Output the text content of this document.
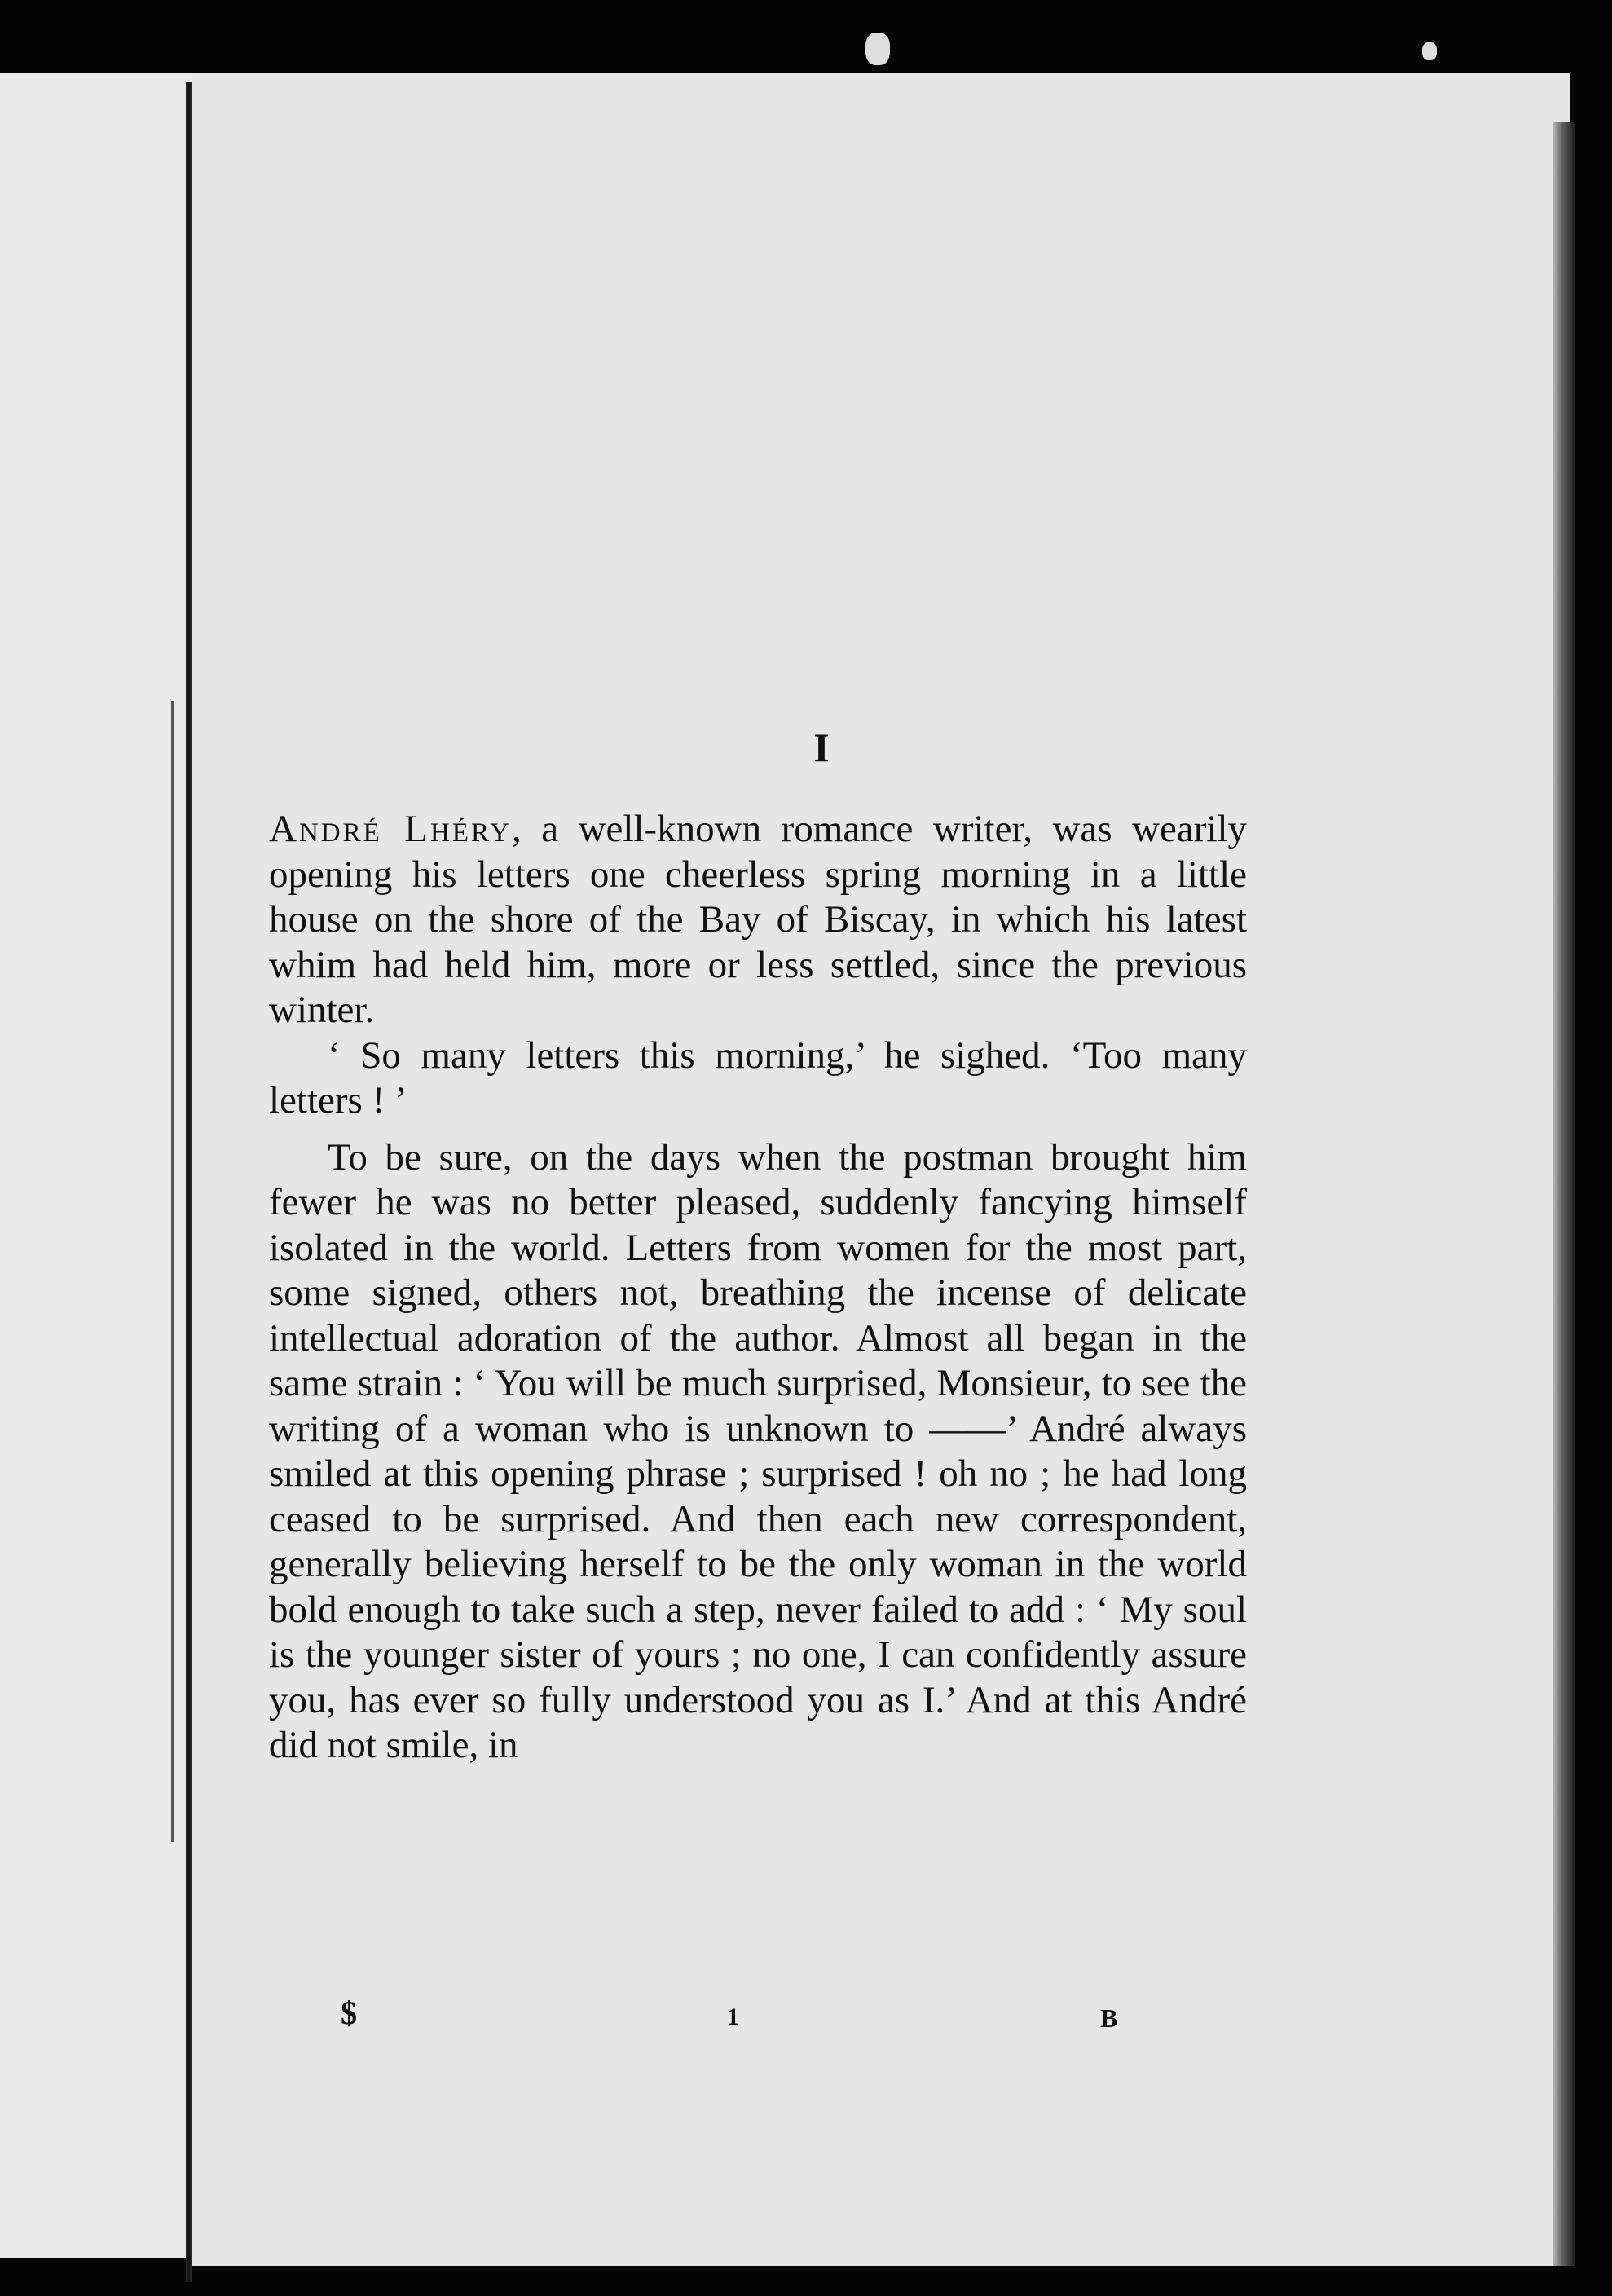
I

André Lhéry, a well-known romance writer, was wearily opening his letters one cheerless spring morning in a little house on the shore of the Bay of Biscay, in which his latest whim had held him, more or less settled, since the previous winter.

‘ So many letters this morning,’ he sighed. ‘Too many letters ! ’

To be sure, on the days when the postman brought him fewer he was no better pleased, suddenly fancying himself isolated in the world. Letters from women for the most part, some signed, others not, breathing the incense of delicate intellectual adoration of the author. Almost all began in the same strain : ‘ You will be much surprised, Monsieur, to see the writing of a woman who is unknown to ——’ André always smiled at this opening phrase ; surprised ! oh no ; he had long ceased to be surprised. And then each new correspondent, generally believing herself to be the only woman in the world bold enough to take such a step, never failed to add : ‘ My soul is the younger sister of yours ; no one, I can confidently assure you, has ever so fully understood you as I.’ And at this André did not smile, in

$	1	B
